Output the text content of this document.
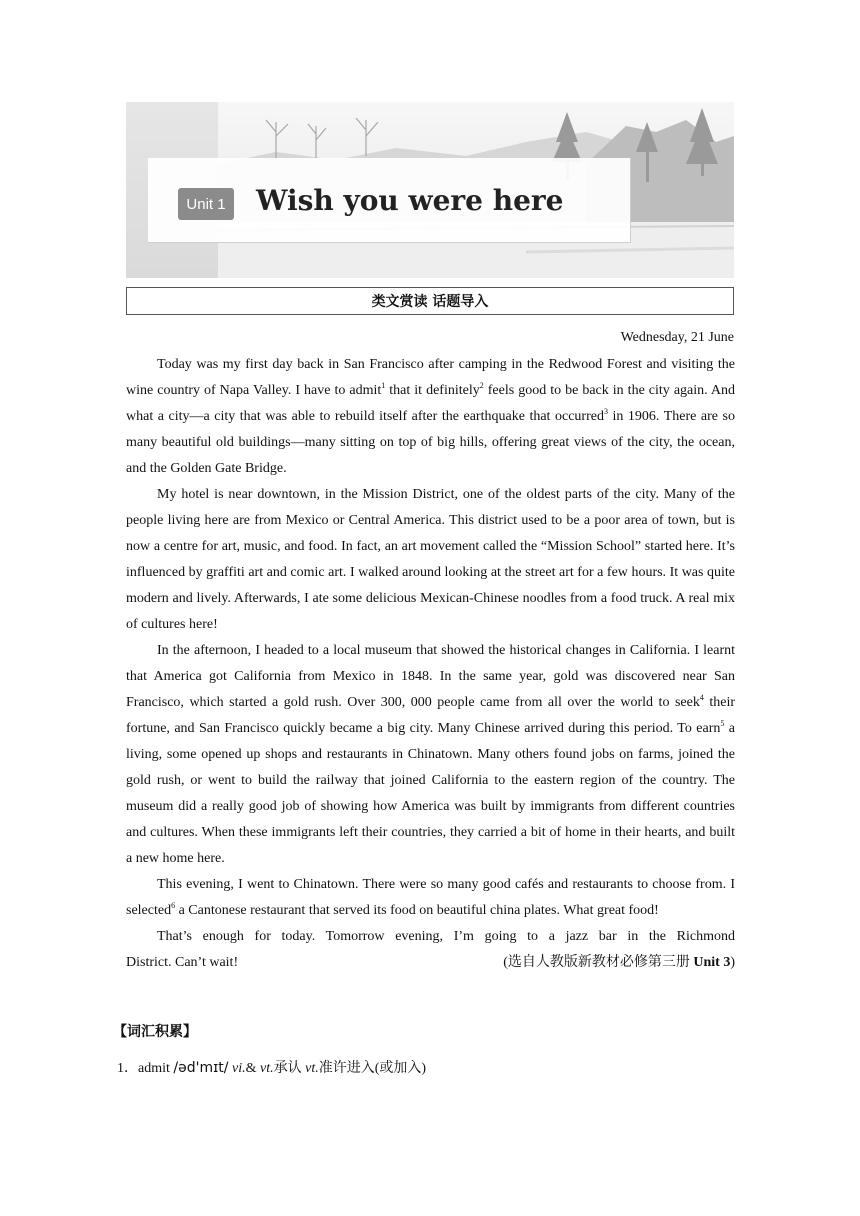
Unit 1	Wish you were here
类文赏读 话题导入
Wednesday, 21 June

Today was my first day back in San Francisco after camping in the Redwood Forest and visiting the wine country of Napa Valley. I have to admit$^1$ that it definitely$^2$ feels good to be back in the city again. And what a city—a city that was able to rebuild itself after the earthquake that occurred$^3$ in 1906. There are so many beautiful old buildings—many sitting on top of big hills, offering great views of the city, the ocean, and the Golden Gate Bridge.

My hotel is near downtown, in the Mission District, one of the oldest parts of the city. Many of the people living here are from Mexico or Central America. This district used to be a poor area of town, but is now a centre for art, music, and food. In fact, an art movement called the “Mission School” started here. It’s influenced by graffiti art and comic art. I walked around looking at the street art for a few hours. It was quite modern and lively. Afterwards, I ate some delicious Mexican-Chinese noodles from a food truck. A real mix of cultures here!

In the afternoon, I headed to a local museum that showed the historical changes in California. I learnt that America got California from Mexico in 1848. In the same year, gold was discovered near San Francisco, which started a gold rush. Over 300, 000 people came from all over the world to seek$^4$ their fortune, and San Francisco quickly became a big city. Many Chinese arrived during this period. To earn$^5$ a living, some opened up shops and restaurants in Chinatown. Many others found jobs on farms, joined the gold rush, or went to build the railway that joined California to the eastern region of the country. The museum did a really good job of showing how America was built by immigrants from different countries and cultures. When these immigrants left their countries, they carried a bit of home in their hearts, and built a new home here.

This evening, I went to Chinatown. There were so many good cafés and restaurants to choose from. I selected$^6$ a Cantonese restaurant that served its food on beautiful china plates. What great food!

That’s enough for today. Tomorrow evening, I’m going to a jazz bar in the Richmond

District. Can’t wait!	(选自人教版新教材必修第三册 Unit 3)
【词汇积累】
1．admit /əd'mɪt/ vi.& vt.承认 vt.准许进入(或加入)
